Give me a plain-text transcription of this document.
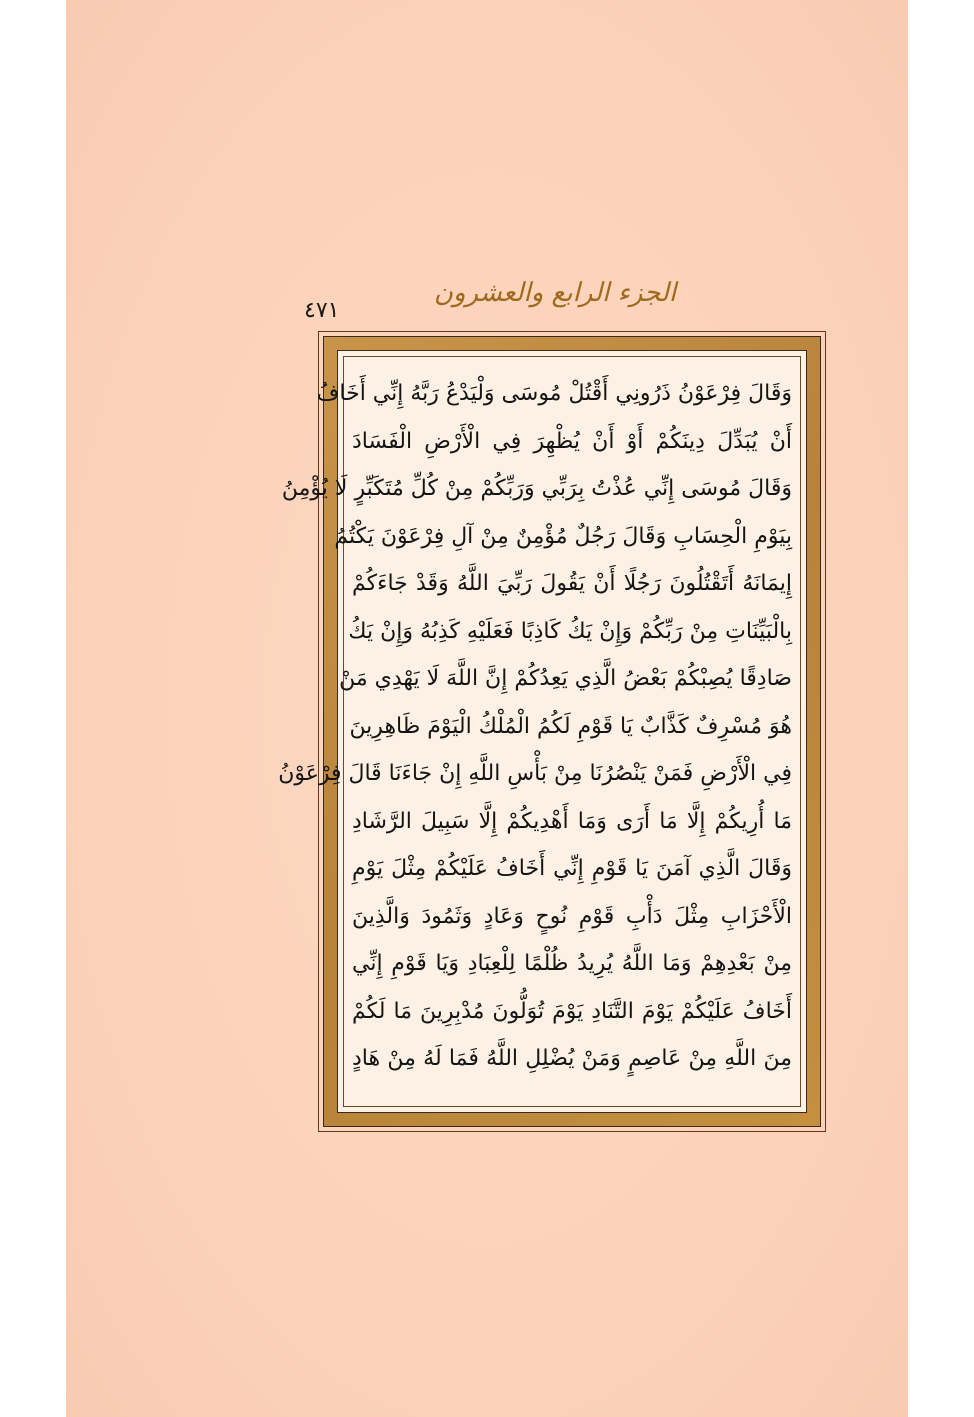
الجزء الرابع والعشرون
٤٧١
وَقَالَ فِرْعَوْنُ ذَرُونِي أَقْتُلْ مُوسَى وَلْيَدْعُ رَبَّهُ إِنِّي أَخَافُ
أَنْ يُبَدِّلَ دِينَكُمْ أَوْ أَنْ يُظْهِرَ فِي الْأَرْضِ الْفَسَادَ
وَقَالَ مُوسَى إِنِّي عُذْتُ بِرَبِّي وَرَبِّكُمْ مِنْ كُلِّ مُتَكَبِّرٍ لَا يُؤْمِنُ
بِيَوْمِ الْحِسَابِ وَقَالَ رَجُلٌ مُؤْمِنٌ مِنْ آلِ فِرْعَوْنَ يَكْتُمُ
إِيمَانَهُ أَتَقْتُلُونَ رَجُلًا أَنْ يَقُولَ رَبِّيَ اللَّهُ وَقَدْ جَاءَكُمْ
بِالْبَيِّنَاتِ مِنْ رَبِّكُمْ وَإِنْ يَكُ كَاذِبًا فَعَلَيْهِ كَذِبُهُ وَإِنْ يَكُ
صَادِقًا يُصِبْكُمْ بَعْضُ الَّذِي يَعِدُكُمْ إِنَّ اللَّهَ لَا يَهْدِي مَنْ
هُوَ مُسْرِفٌ كَذَّابٌ يَا قَوْمِ لَكُمُ الْمُلْكُ الْيَوْمَ ظَاهِرِينَ
فِي الْأَرْضِ فَمَنْ يَنْصُرُنَا مِنْ بَأْسِ اللَّهِ إِنْ جَاءَنَا قَالَ فِرْعَوْنُ
مَا أُرِيكُمْ إِلَّا مَا أَرَى وَمَا أَهْدِيكُمْ إِلَّا سَبِيلَ الرَّشَادِ
وَقَالَ الَّذِي آمَنَ يَا قَوْمِ إِنِّي أَخَافُ عَلَيْكُمْ مِثْلَ يَوْمِ
الْأَحْزَابِ مِثْلَ دَأْبِ قَوْمِ نُوحٍ وَعَادٍ وَثَمُودَ وَالَّذِينَ
مِنْ بَعْدِهِمْ وَمَا اللَّهُ يُرِيدُ ظُلْمًا لِلْعِبَادِ وَيَا قَوْمِ إِنِّي
أَخَافُ عَلَيْكُمْ يَوْمَ التَّنَادِ يَوْمَ تُوَلُّونَ مُدْبِرِينَ مَا لَكُمْ
مِنَ اللَّهِ مِنْ عَاصِمٍ وَمَنْ يُضْلِلِ اللَّهُ فَمَا لَهُ مِنْ هَادٍ
